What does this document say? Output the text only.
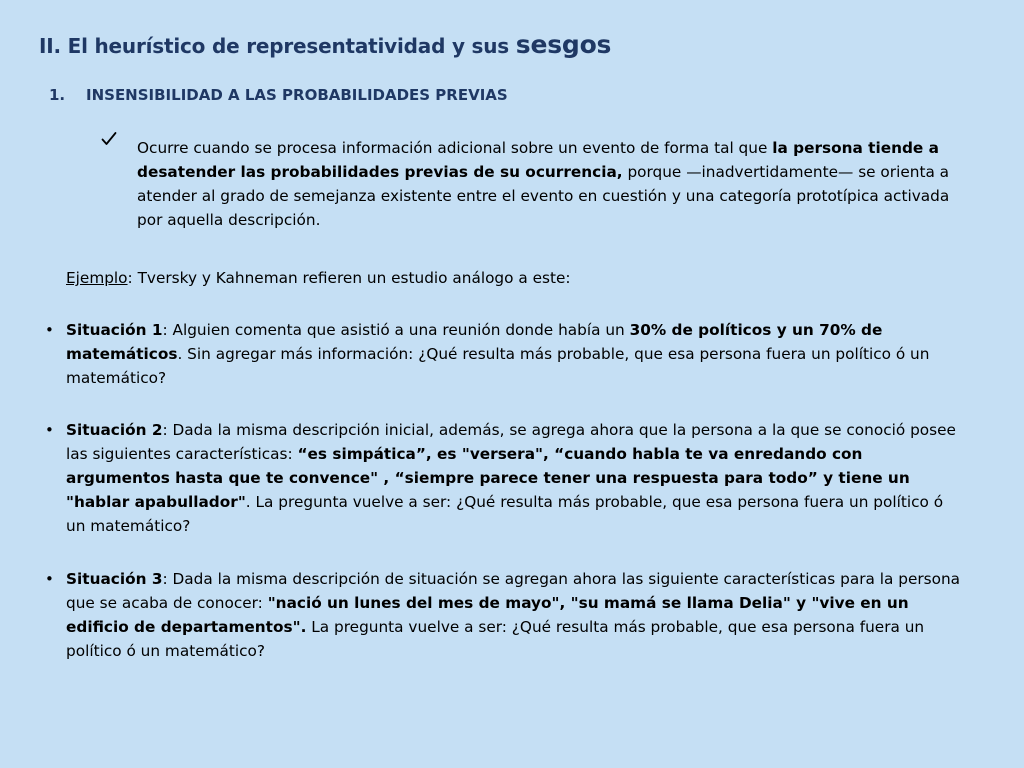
II. El heurístico de representatividad y sus sesgos
1. INSENSIBILIDAD A LAS PROBABILIDADES PREVIAS
Ocurre cuando se procesa información adicional sobre un evento de forma tal que la persona tiende a desatender las probabilidades previas de su ocurrencia, porque —inadvertidamente— se orienta a atender al grado de semejanza existente entre el evento en cuestión y una categoría prototípica activada por aquella descripción.
Ejemplo: Tversky y Kahneman refieren un estudio análogo a este:
• Situación 1: Alguien comenta que asistió a una reunión donde había un 30% de políticos y un 70% de matemáticos. Sin agregar más información: ¿Qué resulta más probable, que esa persona fuera un político ó un matemático?
• Situación 2: Dada la misma descripción inicial, además, se agrega ahora que la persona a la que se conoció posee las siguientes características: “es simpática”, es "versera", “cuando habla te va enredando con argumentos hasta que te convence" , “siempre parece tener una respuesta para todo” y tiene un "hablar apabullador". La pregunta vuelve a ser: ¿Qué resulta más probable, que esa persona fuera un político ó un matemático?
• Situación 3: Dada la misma descripción de situación se agregan ahora las siguiente características para la persona que se acaba de conocer: "nació un lunes del mes de mayo", "su mamá se llama Delia" y "vive en un edificio de departamentos". La pregunta vuelve a ser: ¿Qué resulta más probable, que esa persona fuera un político ó un matemático?
